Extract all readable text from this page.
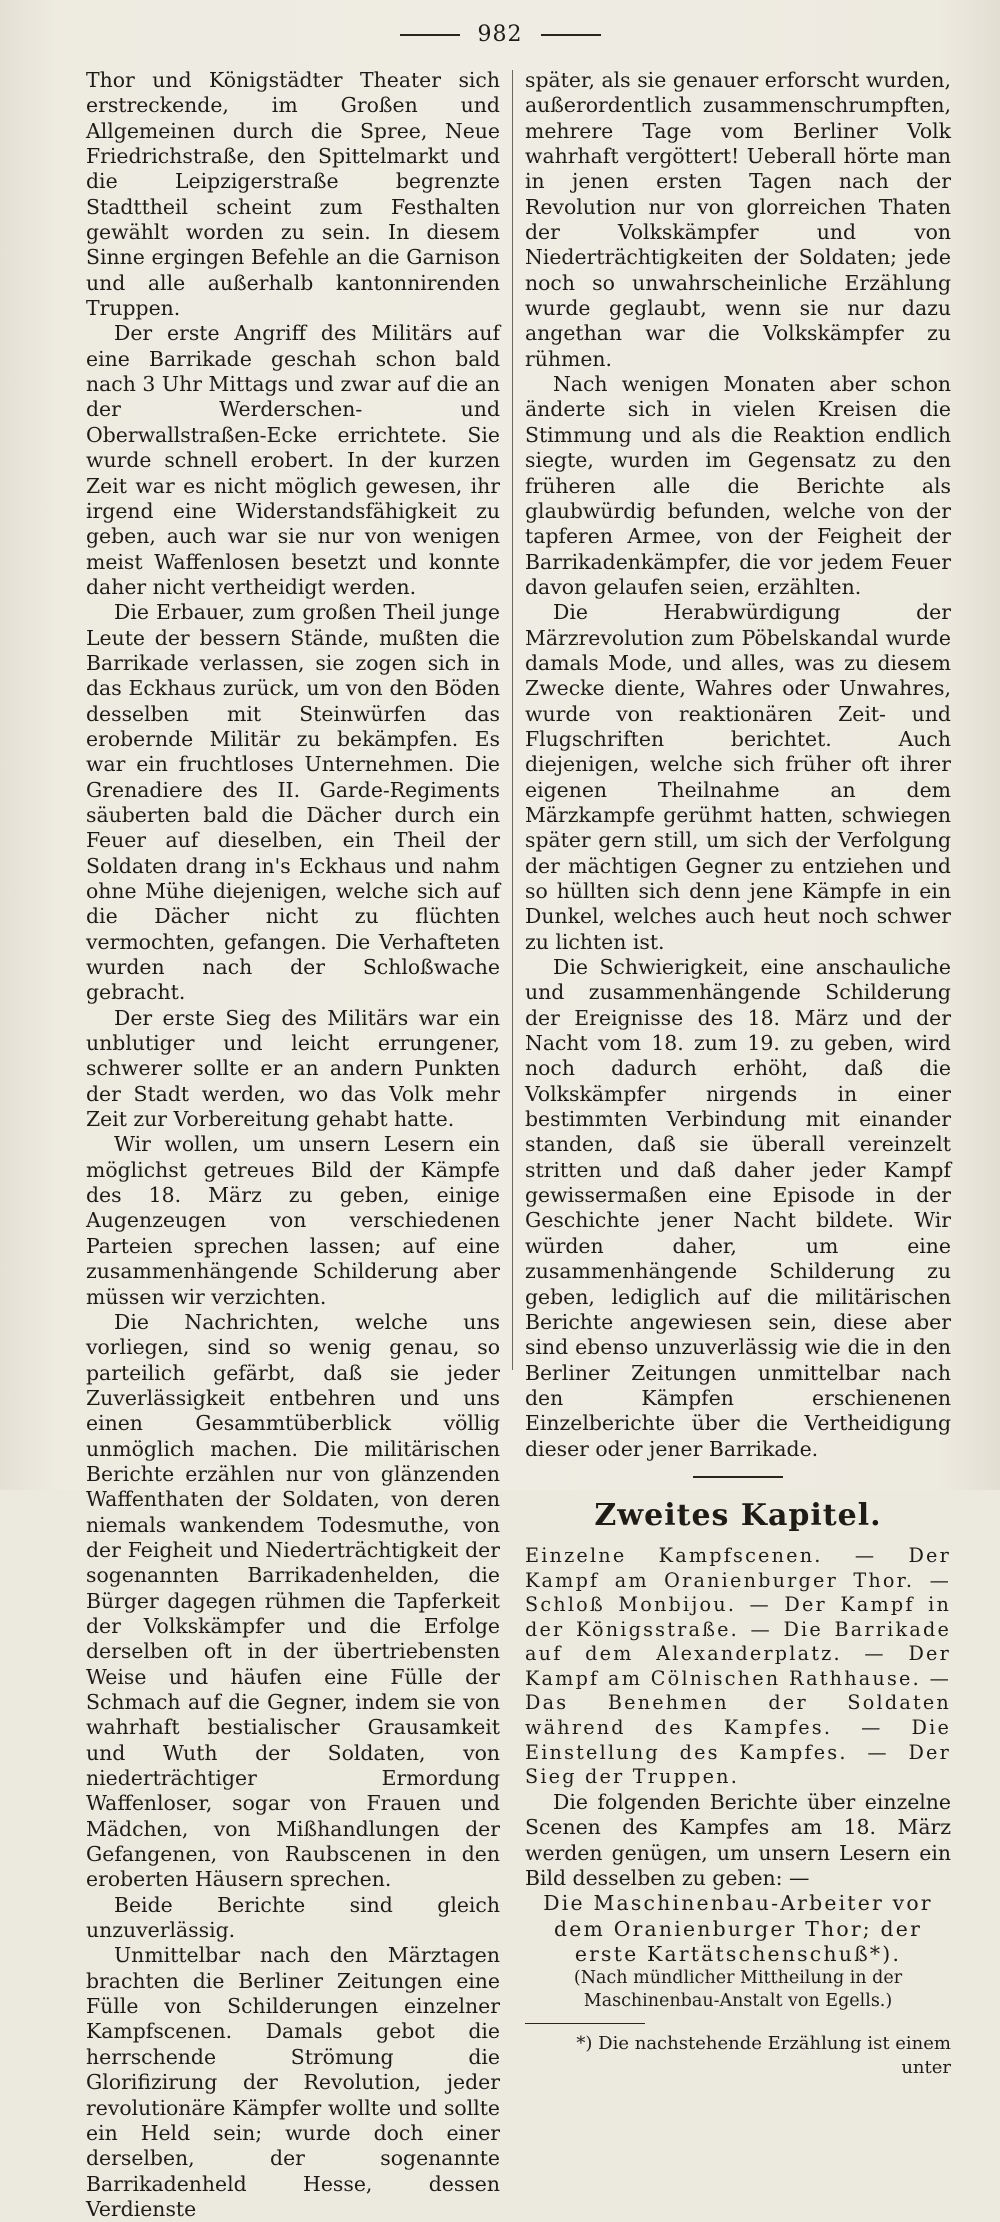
982

Thor und Königstädter Theater sich erstreckende, im Großen und Allgemeinen durch die Spree, Neue Friedrichstraße, den Spittelmarkt und die Leipzigerstraße begrenzte Stadttheil scheint zum Festhalten gewählt worden zu sein. In diesem Sinne ergingen Befehle an die Garnison und alle außerhalb kantonnirenden Truppen.

Der erste Angriff des Militärs auf eine Barrikade geschah schon bald nach 3 Uhr Mittags und zwar auf die an der Werderschen- und Oberwallstraßen-Ecke errichtete. Sie wurde schnell erobert. In der kurzen Zeit war es nicht möglich gewesen, ihr irgend eine Widerstandsfähigkeit zu geben, auch war sie nur von wenigen meist Waffenlosen besetzt und konnte daher nicht vertheidigt werden.

Die Erbauer, zum großen Theil junge Leute der bessern Stände, mußten die Barrikade verlassen, sie zogen sich in das Eckhaus zurück, um von den Böden desselben mit Steinwürfen das erobernde Militär zu bekämpfen. Es war ein fruchtloses Unternehmen. Die Grenadiere des II. Garde-Regiments säuberten bald die Dächer durch ein Feuer auf dieselben, ein Theil der Soldaten drang in's Eckhaus und nahm ohne Mühe diejenigen, welche sich auf die Dächer nicht zu flüchten vermochten, gefangen. Die Verhafteten wurden nach der Schloßwache gebracht.

Der erste Sieg des Militärs war ein unblutiger und leicht errungener, schwerer sollte er an andern Punkten der Stadt werden, wo das Volk mehr Zeit zur Vorbereitung gehabt hatte.

Wir wollen, um unsern Lesern ein möglichst getreues Bild der Kämpfe des 18. März zu geben, einige Augenzeugen von verschiedenen Parteien sprechen lassen; auf eine zusammenhängende Schilderung aber müssen wir verzichten.

Die Nachrichten, welche uns vorliegen, sind so wenig genau, so parteilich gefärbt, daß sie jeder Zuverlässigkeit entbehren und uns einen Gesammtüberblick völlig unmöglich machen. Die militärischen Berichte erzählen nur von glänzenden Waffenthaten der Soldaten, von deren niemals wankendem Todesmuthe, von der Feigheit und Niederträchtigkeit der sogenannten Barrikadenhelden, die Bürger dagegen rühmen die Tapferkeit der Volkskämpfer und die Erfolge derselben oft in der übertriebensten Weise und häufen eine Fülle der Schmach auf die Gegner, indem sie von wahrhaft bestialischer Grausamkeit und Wuth der Soldaten, von niederträchtiger Ermordung Waffenloser, sogar von Frauen und Mädchen, von Mißhandlungen der Gefangenen, von Raubscenen in den eroberten Häusern sprechen.

Beide Berichte sind gleich unzuverlässig.

Unmittelbar nach den Märztagen brachten die Berliner Zeitungen eine Fülle von Schilderungen einzelner Kampfscenen. Damals gebot die herrschende Strömung die Glorifizirung der Revolution, jeder revolutionäre Kämpfer wollte und sollte ein Held sein; wurde doch einer derselben, der sogenannte Barrikadenheld Hesse, dessen Verdienste

später, als sie genauer erforscht wurden, außerordentlich zusammenschrumpften, mehrere Tage vom Berliner Volk wahrhaft vergöttert! Ueberall hörte man in jenen ersten Tagen nach der Revolution nur von glorreichen Thaten der Volkskämpfer und von Niederträchtigkeiten der Soldaten; jede noch so unwahrscheinliche Erzählung wurde geglaubt, wenn sie nur dazu angethan war die Volkskämpfer zu rühmen.

Nach wenigen Monaten aber schon änderte sich in vielen Kreisen die Stimmung und als die Reaktion endlich siegte, wurden im Gegensatz zu den früheren alle die Berichte als glaubwürdig befunden, welche von der tapferen Armee, von der Feigheit der Barrikadenkämpfer, die vor jedem Feuer davon gelaufen seien, erzählten.

Die Herabwürdigung der Märzrevolution zum Pöbelskandal wurde damals Mode, und alles, was zu diesem Zwecke diente, Wahres oder Unwahres, wurde von reaktionären Zeit- und Flugschriften berichtet. Auch diejenigen, welche sich früher oft ihrer eigenen Theilnahme an dem Märzkampfe gerühmt hatten, schwiegen später gern still, um sich der Verfolgung der mächtigen Gegner zu entziehen und so hüllten sich denn jene Kämpfe in ein Dunkel, welches auch heut noch schwer zu lichten ist.

Die Schwierigkeit, eine anschauliche und zusammenhängende Schilderung der Ereignisse des 18. März und der Nacht vom 18. zum 19. zu geben, wird noch dadurch erhöht, daß die Volkskämpfer nirgends in einer bestimmten Verbindung mit einander standen, daß sie überall vereinzelt stritten und daß daher jeder Kampf gewissermaßen eine Episode in der Geschichte jener Nacht bildete. Wir würden daher, um eine zusammenhängende Schilderung zu geben, lediglich auf die militärischen Berichte angewiesen sein, diese aber sind ebenso unzuverlässig wie die in den Berliner Zeitungen unmittelbar nach den Kämpfen erschienenen Einzelberichte über die Vertheidigung dieser oder jener Barrikade.

Zweites Kapitel.

Einzelne Kampfscenen. — Der Kampf am Oranienburger Thor. — Schloß Monbijou. — Der Kampf in der Königsstraße. — Die Barrikade auf dem Alexanderplatz. — Der Kampf am Cölnischen Rathhause. — Das Benehmen der Soldaten während des Kampfes. — Die Einstellung des Kampfes. — Der Sieg der Truppen.

Die folgenden Berichte über einzelne Scenen des Kampfes am 18. März werden genügen, um unsern Lesern ein Bild desselben zu geben: —

Die Maschinenbau-Arbeiter vor dem Oranienburger Thor; der erste Kartätschenschuß*).

(Nach mündlicher Mittheilung in der Maschinenbau-Anstalt von Egells.)

*) Die nachstehende Erzählung ist einem unter
